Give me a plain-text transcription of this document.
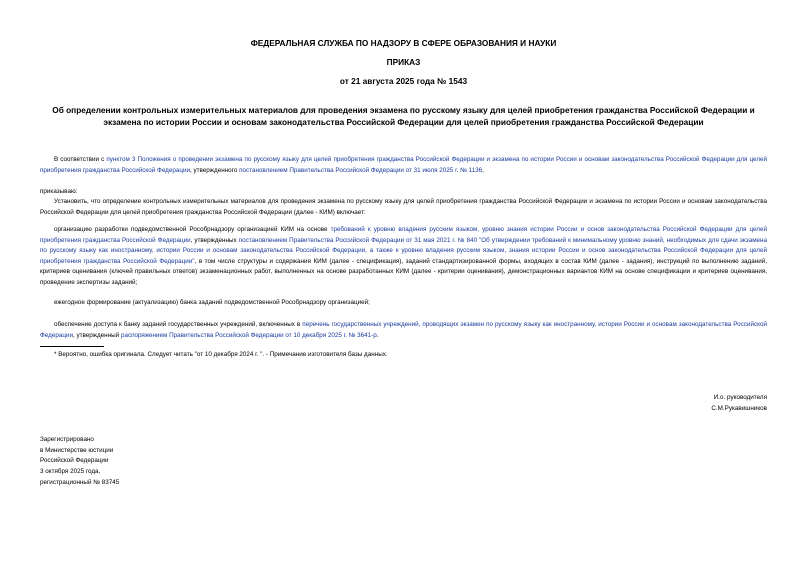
ФЕДЕРАЛЬНАЯ СЛУЖБА ПО НАДЗОРУ В СФЕРЕ ОБРАЗОВАНИЯ И НАУКИ
ПРИКАЗ
от 21 августа 2025 года № 1543
Об определении контрольных измерительных материалов для проведения экзамена по русскому языку для целей приобретения гражданства Российской Федерации и экзамена по истории России и основам законодательства Российской Федерации для целей приобретения гражданства Российской Федерации
В соответствии с пунктом 3 Положения о проведении экзамена по русскому языку для целей приобретения гражданства Российской Федерации и экзамена по истории России и основам законодательства Российской Федерации для целей приобретения гражданства Российской Федерации, утвержденного постановлением Правительства Российской Федерации от 31 июля 2025 г. № 1136,
приказываю:
Установить, что определение контрольных измерительных материалов для проведения экзамена по русскому языку для целей приобретения гражданства Российской Федерации и экзамена по истории России и основам законодательства Российской Федерации для целей приобретения гражданства Российской Федерации (далее - КИМ) включает:
организацию разработки подведомственной Рособрнадзору организацией КИМ на основе требований к уровню владения русским языком, уровню знания истории России и основ законодательства Российской Федерации для целей приобретения гражданства Российской Федерации, утвержденных постановлением Правительства Российской Федерации от 31 мая 2021 г. № 840 "Об утверждении требований к минимальному уровню знаний, необходимых для сдачи экзамена по русскому языку как иностранному, истории России и основам законодательства Российской Федерации, а также к уровню владения русским языком, знания истории России и основ законодательства Российской Федерации для целей приобретения гражданства Российской Федерации", в том числе структуры и содержания КИМ (далее - спецификация), заданий стандартизированной формы, входящих в состав КИМ (далее - задания), инструкций по выполнению заданий, критериев оценивания (ключей правильных ответов) экзаменационных работ, выполненных на основе разработанных КИМ (далее - критерии оценивания), демонстрационных вариантов КИМ на основе спецификации и критериев оценивания, проведение экспертизы заданий;
ежегодное формирование (актуализацию) банка заданий подведомственной Рособрнадзору организацией;
обеспечение доступа к банку заданий государственных учреждений, включенных в перечень государственных учреждений, проводящих экзамен по русскому языку как иностранному, истории России и основам законодательства Российской Федерации, утвержденный распоряжением Правительства Российской Федерации от 10 декабря 2025 г. № 3641-р.
* Вероятно, ошибка оригинала. Следует читать "от 10 декабря 2024 г. ". - Примечание изготовителя базы данных.
И.о. руководителя
С.М.Рукавишников
Зарегистрировано
в Министерстве юстиции
Российской Федерации
3 октября 2025 года,
регистрационный № 83745
